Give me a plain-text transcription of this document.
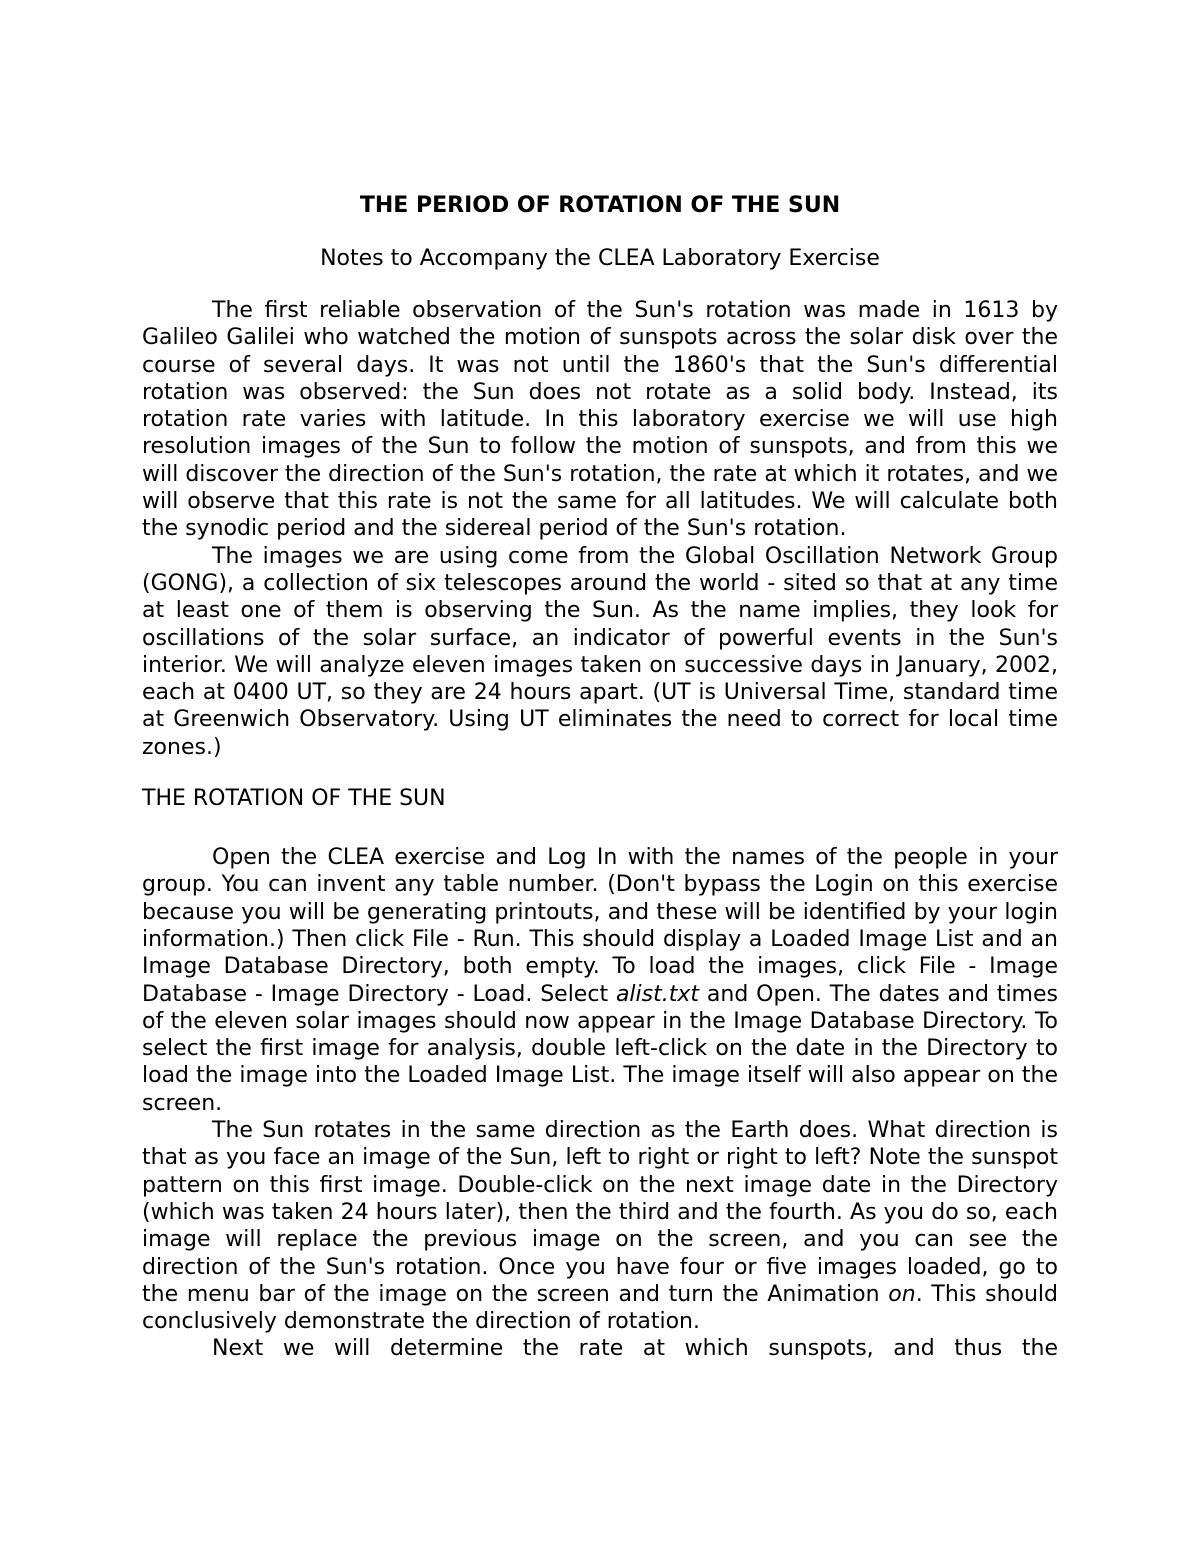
THE PERIOD OF ROTATION OF THE SUN
Notes to Accompany the CLEA Laboratory Exercise

The first reliable observation of the Sun's rotation was made in 1613 by Galileo Galilei who watched the motion of sunspots across the solar disk over the course of several days. It was not until the 1860's that the Sun's differential rotation was observed: the Sun does not rotate as a solid body. Instead, its rotation rate varies with latitude. In this laboratory exercise we will use high resolution images of the Sun to follow the motion of sunspots, and from this we will discover the direction of the Sun's rotation, the rate at which it rotates, and we will observe that this rate is not the same for all latitudes. We will calculate both the synodic period and the sidereal period of the Sun's rotation.

The images we are using come from the Global Oscillation Network Group (GONG), a collection of six telescopes around the world - sited so that at any time at least one of them is observing the Sun. As the name implies, they look for oscillations of the solar surface, an indicator of powerful events in the Sun's interior. We will analyze eleven images taken on successive days in January, 2002, each at 0400 UT, so they are 24 hours apart. (UT is Universal Time, standard time at Greenwich Observatory. Using UT eliminates the need to correct for local time zones.)

THE ROTATION OF THE SUN

Open the CLEA exercise and Log In with the names of the people in your group. You can invent any table number. (Don't bypass the Login on this exercise because you will be generating printouts, and these will be identified by your login information.) Then click File - Run. This should display a Loaded Image List and an Image Database Directory, both empty. To load the images, click File - Image Database - Image Directory - Load. Select alist.txt and Open. The dates and times of the eleven solar images should now appear in the Image Database Directory. To select the first image for analysis, double left-click on the date in the Directory to load the image into the Loaded Image List. The image itself will also appear on the screen.

The Sun rotates in the same direction as the Earth does. What direction is that as you face an image of the Sun, left to right or right to left? Note the sunspot pattern on this first image. Double-click on the next image date in the Directory (which was taken 24 hours later), then the third and the fourth. As you do so, each image will replace the previous image on the screen, and you can see the direction of the Sun's rotation. Once you have four or five images loaded, go to the menu bar of the image on the screen and turn the Animation on. This should conclusively demonstrate the direction of rotation.

Next we will determine the rate at which sunspots, and thus the
